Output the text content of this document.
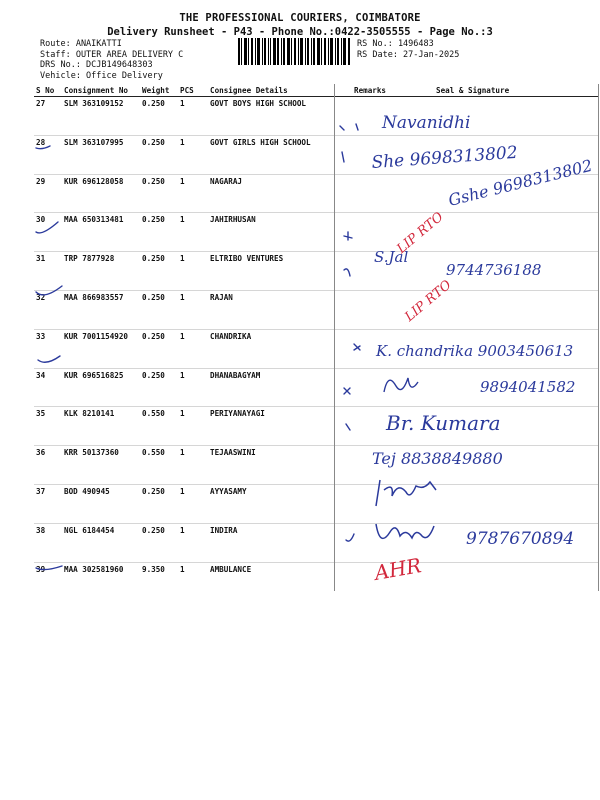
THE PROFESSIONAL COURIERS, COIMBATORE
Delivery Runsheet - P43 - Phone No.:0422-3505555 - Page No.:3
Route: ANAIKATTI
Staff: OUTER AREA DELIVERY C
DRS No.: DCJB149648303
Vehicle: Office Delivery
RS No.: 1496483
RS Date: 27-Jan-2025
S No	Consignment No	Weight	PCS	Consignee Details	Remarks	Seal & Signature
27	SLM 363109152	0.250	1	GOVT BOYS HIGH SCHOOL		
28	SLM 363107995	0.250	1	GOVT GIRLS HIGH SCHOOL		
29	KUR 696128058	0.250	1	NAGARAJ		
30	MAA 650313481	0.250	1	JAHIRHUSAN		
31	TRP 7877928	0.250	1	ELTRIBO VENTURES		
32	MAA 866983557	0.250	1	RAJAN		
33	KUR 7001154920	0.250	1	CHANDRIKA		
34	KUR 696516825	0.250	1	DHANABAGYAM		
35	KLK 8210141	0.550	1	PERIYANAYAGI		
36	KRR 50137360	0.550	1	TEJAASWINI		
37	BOD 490945	0.250	1	AYYASAMY		
38	NGL 6184454	0.250	1	INDIRA		
39	MAA 302581960	9.350	1	AMBULANCE		
Navanidhi
She 9698313802
Gshe 9698313802
S.Jal
9744736188
K. chandrika 9003450613
9894041582
Br. Kumara
Tej 8838849880
9787670894
LIP RTO
LIP RTO
AHR
